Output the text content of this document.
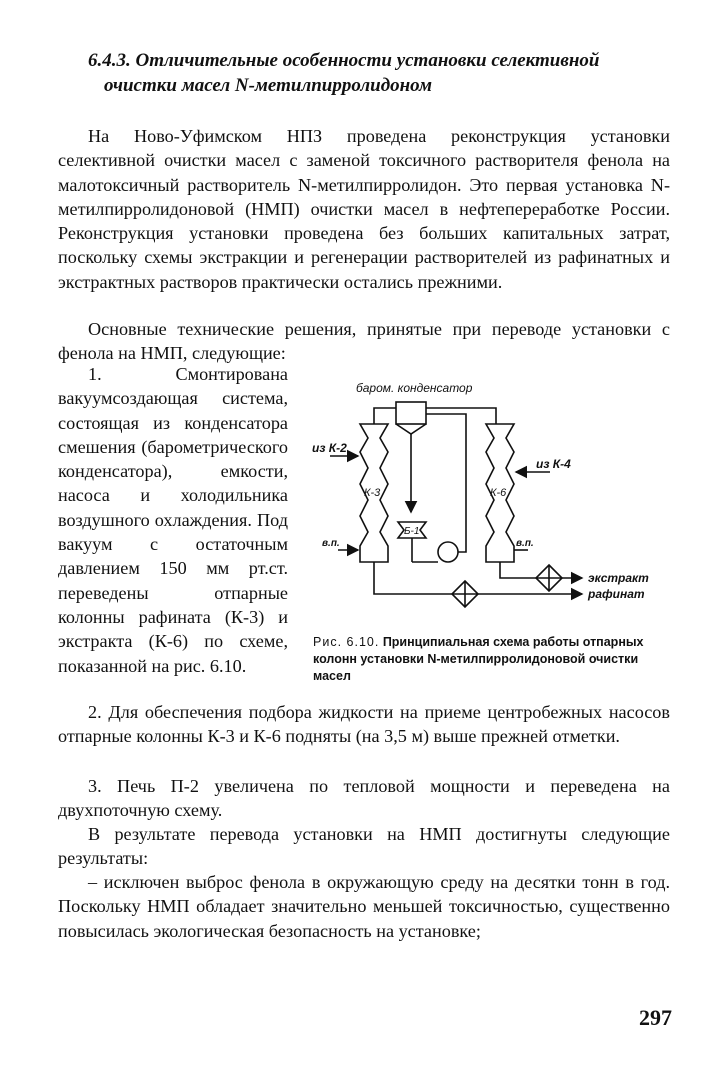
6.4.3. Отличительные особенности установки селективной
очистки масел N-метилпирролидоном

На Ново-Уфимском НПЗ проведена реконструкция установки селективной очистки масел с заменой токсичного растворителя фенола на малотоксичный растворитель N-метилпирролидон. Это первая установка N-метилпирролидоновой (НМП) очистки масел в нефтепереработке России. Реконструкция установки проведена без больших капитальных затрат, поскольку схемы экстракции и регенерации растворителей из рафинатных и экстрактных растворов практически остались прежними.

Основные технические решения, принятые при переводе установки с фенола на НМП, следующие:

1. Смонтирована вакуумсоздающая система, состоящая из конденсатора смешения (барометрического конденсатора), емкости, насоса и холодильника воздушного охлаждения. Под вакуум с остаточным давлением 150 мм рт.ст. переведены отпарные колонны рафината (К-3) и экстракта (К-6) по схеме, показанной на рис. 6.10.

баром. конденсатор
из К-2
из К-4
К-3	К-6
Б-1
в.п.	в.п.
экстракт
рафинат
Рис. 6.10. Принципиальная схема работы отпарных колонн установки N-метилпирролидоновой очистки масел

2. Для обеспечения подбора жидкости на приеме центробежных насосов отпарные колонны К-3 и К-6 подняты (на 3,5 м) выше прежней отметки.

3. Печь П-2 увеличена по тепловой мощности и переведена на двухпоточную схему.

В результате перевода установки на НМП достигнуты следующие результаты:

– исключен выброс фенола в окружающую среду на десятки тонн в год. Поскольку НМП обладает значительно меньшей токсичностью, существенно повысилась экологическая безопасность на установке;

297
